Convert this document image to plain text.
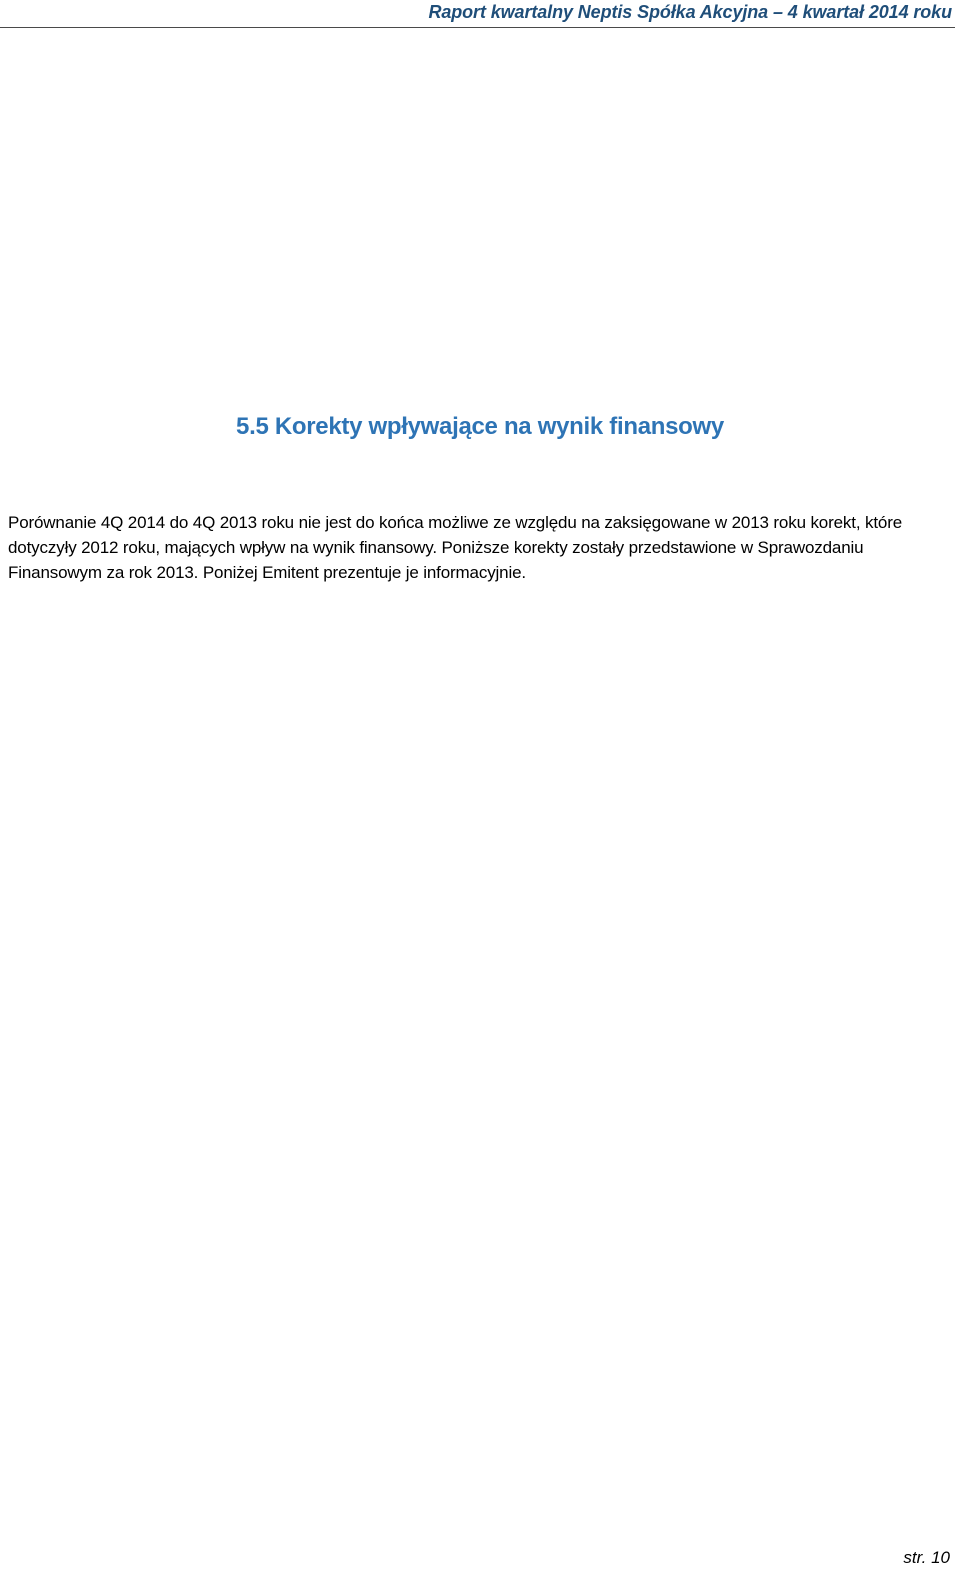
Raport kwartalny Neptis Spółka Akcyjna – 4 kwartał 2014 roku
5.5 Korekty wpływające na wynik finansowy

Porównanie 4Q 2014 do 4Q 2013 roku nie jest do końca możliwe ze względu na zaksięgowane w 2013 roku korekt, które dotyczyły 2012 roku, mających wpływ na wynik finansowy. Poniższe korekty zostały przedstawione w Sprawozdaniu Finansowym za rok 2013. Poniżej Emitent prezentuje je informacyjnie.

str. 10
